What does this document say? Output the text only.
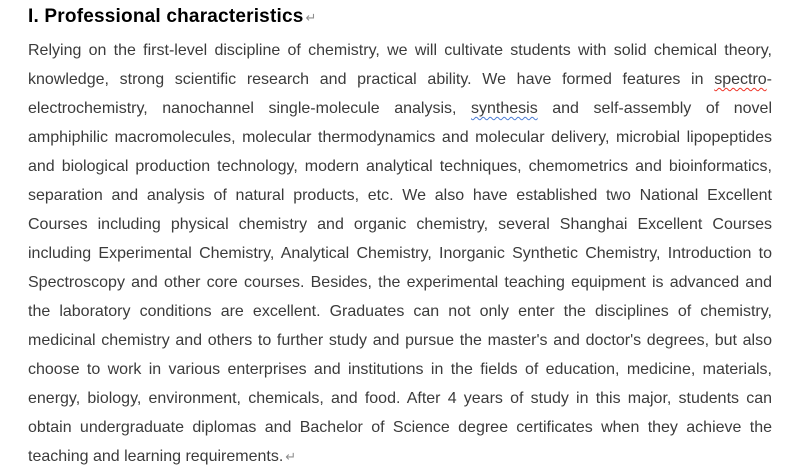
I. Professional characteristics ↵

Relying on the first-level discipline of chemistry, we will cultivate students with solid chemical theory, knowledge, strong scientific research and practical ability. We have formed features in spectro-electrochemistry, nanochannel single-molecule analysis, synthesis and self-assembly of novel amphiphilic macromolecules, molecular thermodynamics and molecular delivery, microbial lipopeptides and biological production technology, modern analytical techniques, chemometrics and bioinformatics, separation and analysis of natural products, etc. We also have established two National Excellent Courses including physical chemistry and organic chemistry, several Shanghai Excellent Courses including Experimental Chemistry, Analytical Chemistry, Inorganic Synthetic Chemistry, Introduction to Spectroscopy and other core courses. Besides, the experimental teaching equipment is advanced and the laboratory conditions are excellent. Graduates can not only enter the disciplines of chemistry, medicinal chemistry and others to further study and pursue the master's and doctor's degrees, but also choose to work in various enterprises and institutions in the fields of education, medicine, materials, energy, biology, environment, chemicals, and food. After 4 years of study in this major, students can obtain undergraduate diplomas and Bachelor of Science degree certificates when they achieve the teaching and learning requirements. ↵
